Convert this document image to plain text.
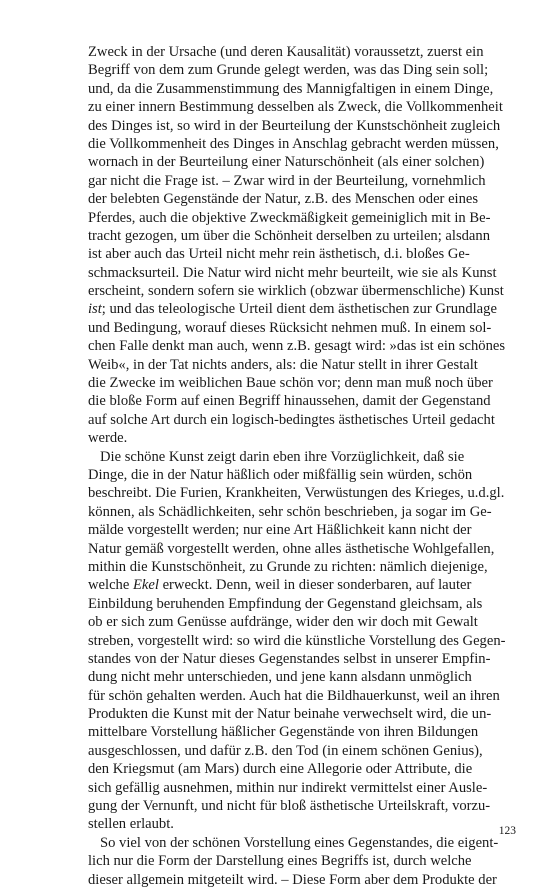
Zweck in der Ursache (und deren Kausalität) voraussetzt, zuerst ein
Begriff von dem zum Grunde gelegt werden, was das Ding sein soll;
und, da die Zusammenstimmung des Mannigfaltigen in einem Dinge,
zu einer innern Bestimmung desselben als Zweck, die Vollkommenheit
des Dinges ist, so wird in der Beurteilung der Kunstschönheit zugleich
die Vollkommenheit des Dinges in Anschlag gebracht werden müssen,
wornach in der Beurteilung einer Naturschönheit (als einer solchen)
gar nicht die Frage ist. – Zwar wird in der Beurteilung, vornehmlich
der belebten Gegenstände der Natur, z.B. des Menschen oder eines
Pferdes, auch die objektive Zweckmäßigkeit gemeiniglich mit in Be-
tracht gezogen, um über die Schönheit derselben zu urteilen; alsdann
ist aber auch das Urteil nicht mehr rein ästhetisch, d.i. bloßes Ge-
schmacksurteil. Die Natur wird nicht mehr beurteilt, wie sie als Kunst
erscheint, sondern sofern sie wirklich (obzwar übermenschliche) Kunst
ist; und das teleologische Urteil dient dem ästhetischen zur Grundlage
und Bedingung, worauf dieses Rücksicht nehmen muß. In einem sol-
chen Falle denkt man auch, wenn z.B. gesagt wird: »das ist ein schönes
Weib«, in der Tat nichts anders, als: die Natur stellt in ihrer Gestalt
die Zwecke im weiblichen Baue schön vor; denn man muß noch über
die bloße Form auf einen Begriff hinaussehen, damit der Gegenstand
auf solche Art durch ein logisch-bedingtes ästhetisches Urteil gedacht
werde.
Die schöne Kunst zeigt darin eben ihre Vorzüglichkeit, daß sie
Dinge, die in der Natur häßlich oder mißfällig sein würden, schön
beschreibt. Die Furien, Krankheiten, Verwüstungen des Krieges, u.d.gl.
können, als Schädlichkeiten, sehr schön beschrieben, ja sogar im Ge-
mälde vorgestellt werden; nur eine Art Häßlichkeit kann nicht der
Natur gemäß vorgestellt werden, ohne alles ästhetische Wohlgefallen,
mithin die Kunstschönheit, zu Grunde zu richten: nämlich diejenige,
welche Ekel erweckt. Denn, weil in dieser sonderbaren, auf lauter
Einbildung beruhenden Empfindung der Gegenstand gleichsam, als
ob er sich zum Genüsse aufdränge, wider den wir doch mit Gewalt
streben, vorgestellt wird: so wird die künstliche Vorstellung des Gegen-
standes von der Natur dieses Gegenstandes selbst in unserer Empfin-
dung nicht mehr unterschieden, und jene kann alsdann unmöglich
für schön gehalten werden. Auch hat die Bildhauerkunst, weil an ihren
Produkten die Kunst mit der Natur beinahe verwechselt wird, die un-
mittelbare Vorstellung häßlicher Gegenstände von ihren Bildungen
ausgeschlossen, und dafür z.B. den Tod (in einem schönen Genius),
den Kriegsmut (am Mars) durch eine Allegorie oder Attribute, die
sich gefällig ausnehmen, mithin nur indirekt vermittelst einer Ausle-
gung der Vernunft, und nicht für bloß ästhetische Urteilskraft, vorzu-
stellen erlaubt.
So viel von der schönen Vorstellung eines Gegenstandes, die eigent-
lich nur die Form der Darstellung eines Begriffs ist, durch welche
dieser allgemein mitgeteilt wird. – Diese Form aber dem Produkte der
123
